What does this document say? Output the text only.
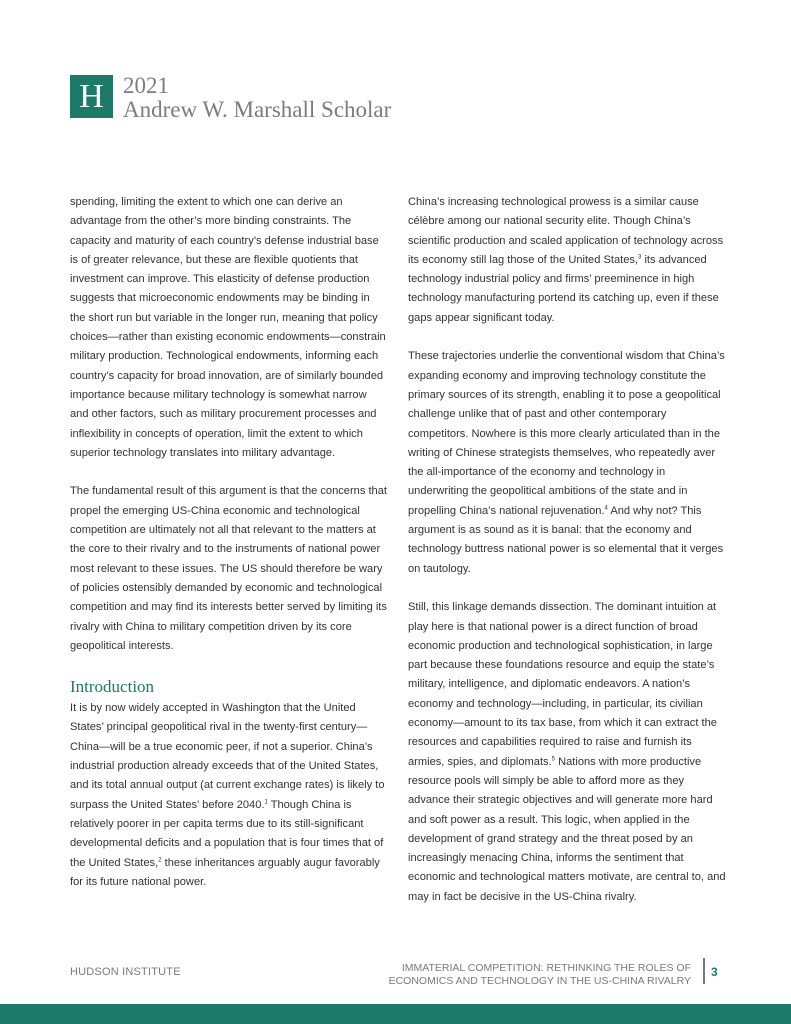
H 2021
Andrew W. Marshall Scholar

spending, limiting the extent to which one can derive an advantage from the other’s more binding constraints. The capacity and maturity of each country’s defense industrial base is of greater relevance, but these are flexible quotients that investment can improve. This elasticity of defense production suggests that microeconomic endowments may be binding in the short run but variable in the longer run, meaning that policy choices—rather than existing economic endowments—constrain military production. Technological endowments, informing each country’s capacity for broad innovation, are of similarly bounded importance because military technology is somewhat narrow and other factors, such as military procurement processes and inflexibility in concepts of operation, limit the extent to which superior technology translates into military advantage.

The fundamental result of this argument is that the concerns that propel the emerging US-China economic and technological competition are ultimately not all that relevant to the matters at the core to their rivalry and to the instruments of national power most relevant to these issues. The US should therefore be wary of policies ostensibly demanded by economic and technological competition and may find its interests better served by limiting its rivalry with China to military competition driven by its core geopolitical interests.

Introduction

It is by now widely accepted in Washington that the United States’ principal geopolitical rival in the twenty-first century—China—will be a true economic peer, if not a superior. China’s industrial production already exceeds that of the United States, and its total annual output (at current exchange rates) is likely to surpass the United States’ before 2040.$^1$ Though China is relatively poorer in per capita terms due to its still-significant developmental deficits and a population that is four times that of the United States,$^2$ these inheritances arguably augur favorably for its future national power.

China’s increasing technological prowess is a similar cause célèbre among our national security elite. Though China’s scientific production and scaled application of technology across its economy still lag those of the United States,$^3$ its advanced technology industrial policy and firms’ preeminence in high technology manufacturing portend its catching up, even if these gaps appear significant today.

These trajectories underlie the conventional wisdom that China’s expanding economy and improving technology constitute the primary sources of its strength, enabling it to pose a geopolitical challenge unlike that of past and other contemporary competitors. Nowhere is this more clearly articulated than in the writing of Chinese strategists themselves, who repeatedly aver the all-importance of the economy and technology in underwriting the geopolitical ambitions of the state and in propelling China’s national rejuvenation.$^4$ And why not? This argument is as sound as it is banal: that the economy and technology buttress national power is so elemental that it verges on tautology.

Still, this linkage demands dissection. The dominant intuition at play here is that national power is a direct function of broad economic production and technological sophistication, in large part because these foundations resource and equip the state’s military, intelligence, and diplomatic endeavors. A nation’s economy and technology—including, in particular, its civilian economy—amount to its tax base, from which it can extract the resources and capabilities required to raise and furnish its armies, spies, and diplomats.$^5$ Nations with more productive resource pools will simply be able to afford more as they advance their strategic objectives and will generate more hard and soft power as a result. This logic, when applied in the development of grand strategy and the threat posed by an increasingly menacing China, informs the sentiment that economic and technological matters motivate, are central to, and may in fact be decisive in the US-China rivalry.

HUDSON INSTITUTE	IMMATERIAL COMPETITION: RETHINKING THE ROLES OF
ECONOMICS AND TECHNOLOGY IN THE US-CHINA RIVALRY
3
